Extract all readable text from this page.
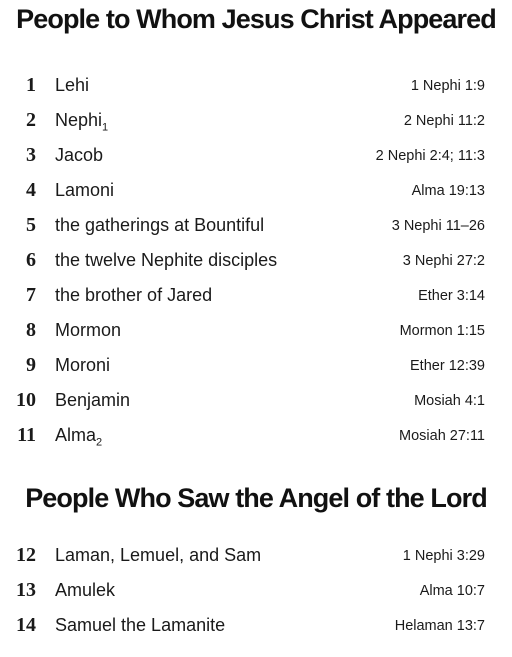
People to Whom Jesus Christ Appeared
1 Lehi	1 Nephi 1:9
2 Nephi$_1$	2 Nephi 11:2
3 Jacob	2 Nephi 2:4; 11:3
4 Lamoni	Alma 19:13
5 the gatherings at Bountiful	3 Nephi 11–26
6 the twelve Nephite disciples	3 Nephi 27:2
7 the brother of Jared	Ether 3:14
8 Mormon	Mormon 1:15
9 Moroni	Ether 12:39
10 Benjamin	Mosiah 4:1
11 Alma$_2$	Mosiah 27:11
People Who Saw the Angel of the Lord
12 Laman, Lemuel, and Sam	1 Nephi 3:29
13 Amulek	Alma 10:7
14 Samuel the Lamanite	Helaman 13:7
